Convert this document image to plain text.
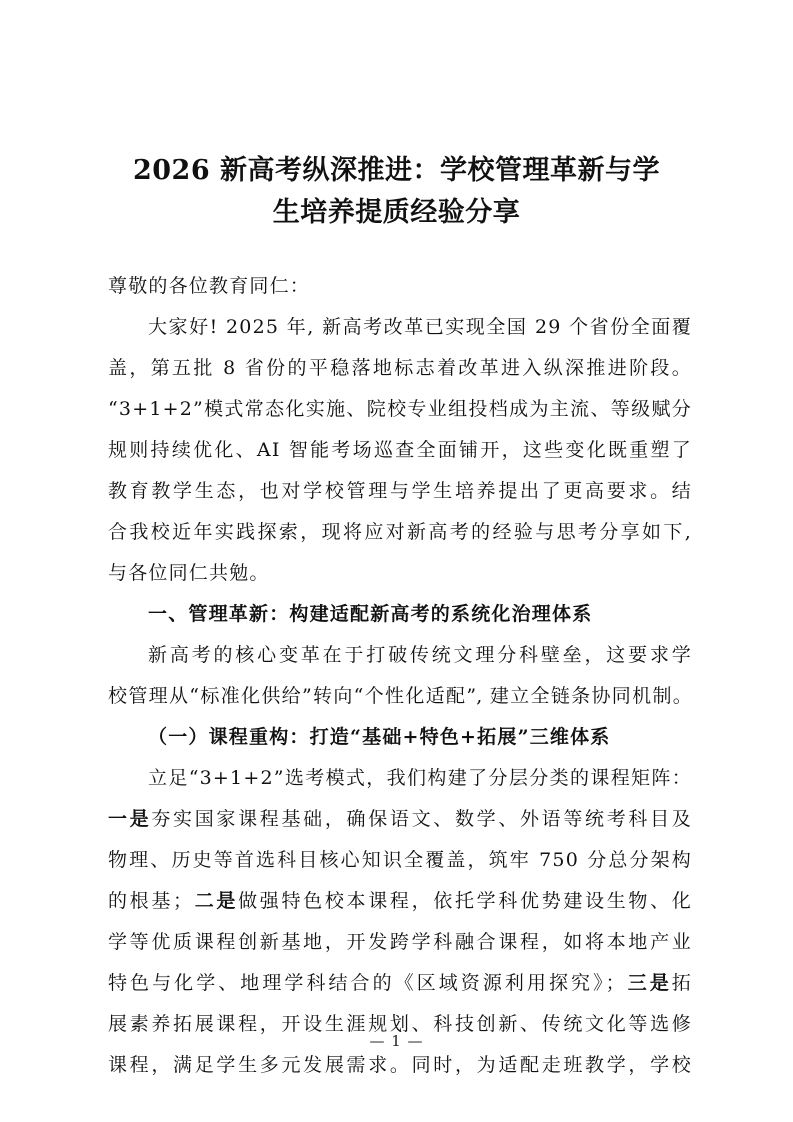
2026 新高考纵深推进：学校管理革新与学
生培养提质经验分享
尊敬的各位教育同仁：
大家好! 2025 年, 新高考改革已实现全国 29 个省份全面覆
盖，第五批 8 省份的平稳落地标志着改革进入纵深推进阶段。
“3+1+2”模式常态化实施、院校专业组投档成为主流、等级赋分
规则持续优化、AI 智能考场巡查全面铺开，这些变化既重塑了
教育教学生态，也对学校管理与学生培养提出了更高要求。结
合我校近年实践探索，现将应对新高考的经验与思考分享如下,
与各位同仁共勉。
一、管理革新：构建适配新高考的系统化治理体系
新高考的核心变革在于打破传统文理分科壁垒，这要求学
校管理从“标准化供给”转向“个性化适配”, 建立全链条协同机制。
（一）课程重构：打造“基础+特色+拓展”三维体系
立足“3+1+2”选考模式，我们构建了分层分类的课程矩阵：
一是夯实国家课程基础，确保语文、数学、外语等统考科目及
物理、历史等首选科目核心知识全覆盖，筑牢 750 分总分架构
的根基；二是做强特色校本课程，依托学科优势建设生物、化
学等优质课程创新基地，开发跨学科融合课程，如将本地产业
特色与化学、地理学科结合的《区域资源利用探究》；三是拓
展素养拓展课程，开设生涯规划、科技创新、传统文化等选修
课程，满足学生多元发展需求。同时，为适配走班教学，学校
— 1 —
